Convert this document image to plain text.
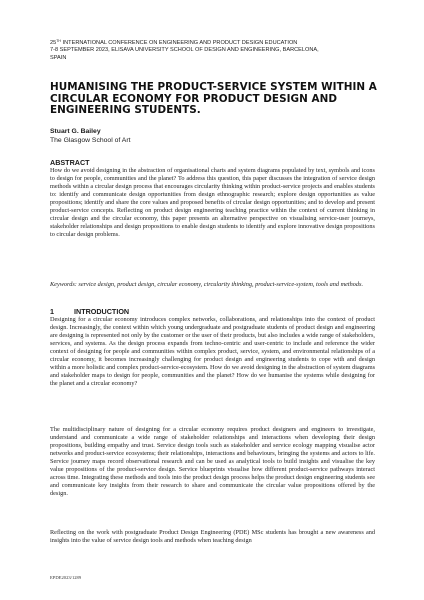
25TH INTERNATIONAL CONFERENCE ON ENGINEERING AND PRODUCT DESIGN EDUCATION
7-8 SEPTEMBER 2023, ELISAVA UNIVERSITY SCHOOL OF DESIGN AND ENGINEERING, BARCELONA,
SPAIN
HUMANISING THE PRODUCT-SERVICE SYSTEM WITHIN A CIRCULAR ECONOMY FOR PRODUCT DESIGN AND ENGINEERING STUDENTS.
Stuart G. Bailey
The Glasgow School of Art
ABSTRACT

How do we avoid designing in the abstraction of organisational charts and system diagrams populated by text, symbols and icons to design for people, communities and the planet? To address this question, this paper discusses the integration of service design methods within a circular design process that encourages circularity thinking within product-service projects and enables students to: identify and communicate design opportunities from design ethnographic research; explore design opportunities as value propositions; identify and share the core values and proposed benefits of circular design opportunities; and to develop and present product-service concepts. Reflecting on product design engineering teaching practice within the context of current thinking in circular design and the circular economy, this paper presents an alternative perspective on visualising service-user journeys, stakeholder relationships and design propositions to enable design students to identify and explore innovative design propositions to circular design problems.

Keywords: service design, product design, circular economy, circularity thinking, product-service-system, tools and methods.

1	INTRODUCTION

Designing for a circular economy introduces complex networks, collaborations, and relationships into the context of product design. Increasingly, the context within which young undergraduate and postgraduate students of product design and engineering are designing is represented not only by the customer or the user of their products, but also includes a wide range of stakeholders, services, and systems. As the design process expands from techno-centric and user-centric to include and reference the wider context of designing for people and communities within complex product, service, system, and environmental relationships of a circular economy, it becomes increasingly challenging for product design and engineering students to cope with and design within a more holistic and complex product-service-ecosystem. How do we avoid designing in the abstraction of system diagrams and stakeholder maps to design for people, communities and the planet? How do we humanise the systems while designing for the planet and a circular economy?

The multidisciplinary nature of designing for a circular economy requires product designers and engineers to investigate, understand and communicate a wide range of stakeholder relationships and interactions when developing their design propositions, building empathy and trust. Service design tools such as stakeholder and service ecology mapping visualise actor networks and product-service ecosystems; their relationships, interactions and behaviours, bringing the systems and actors to life. Service journey maps record observational research and can be used as analytical tools to build insights and visualise the key value propositions of the product-service design. Service blueprints visualise how different product-service pathways interact across time. Integrating these methods and tools into the product design process helps the product design engineering students see and communicate key insights from their research to share and communicate the circular value propositions offered by the design.

Reflecting on the work with postgraduate Product Design Engineering (PDE) MSc students has brought a new awareness and insights into the value of service design tools and methods when teaching design

EPDE2023/1289
